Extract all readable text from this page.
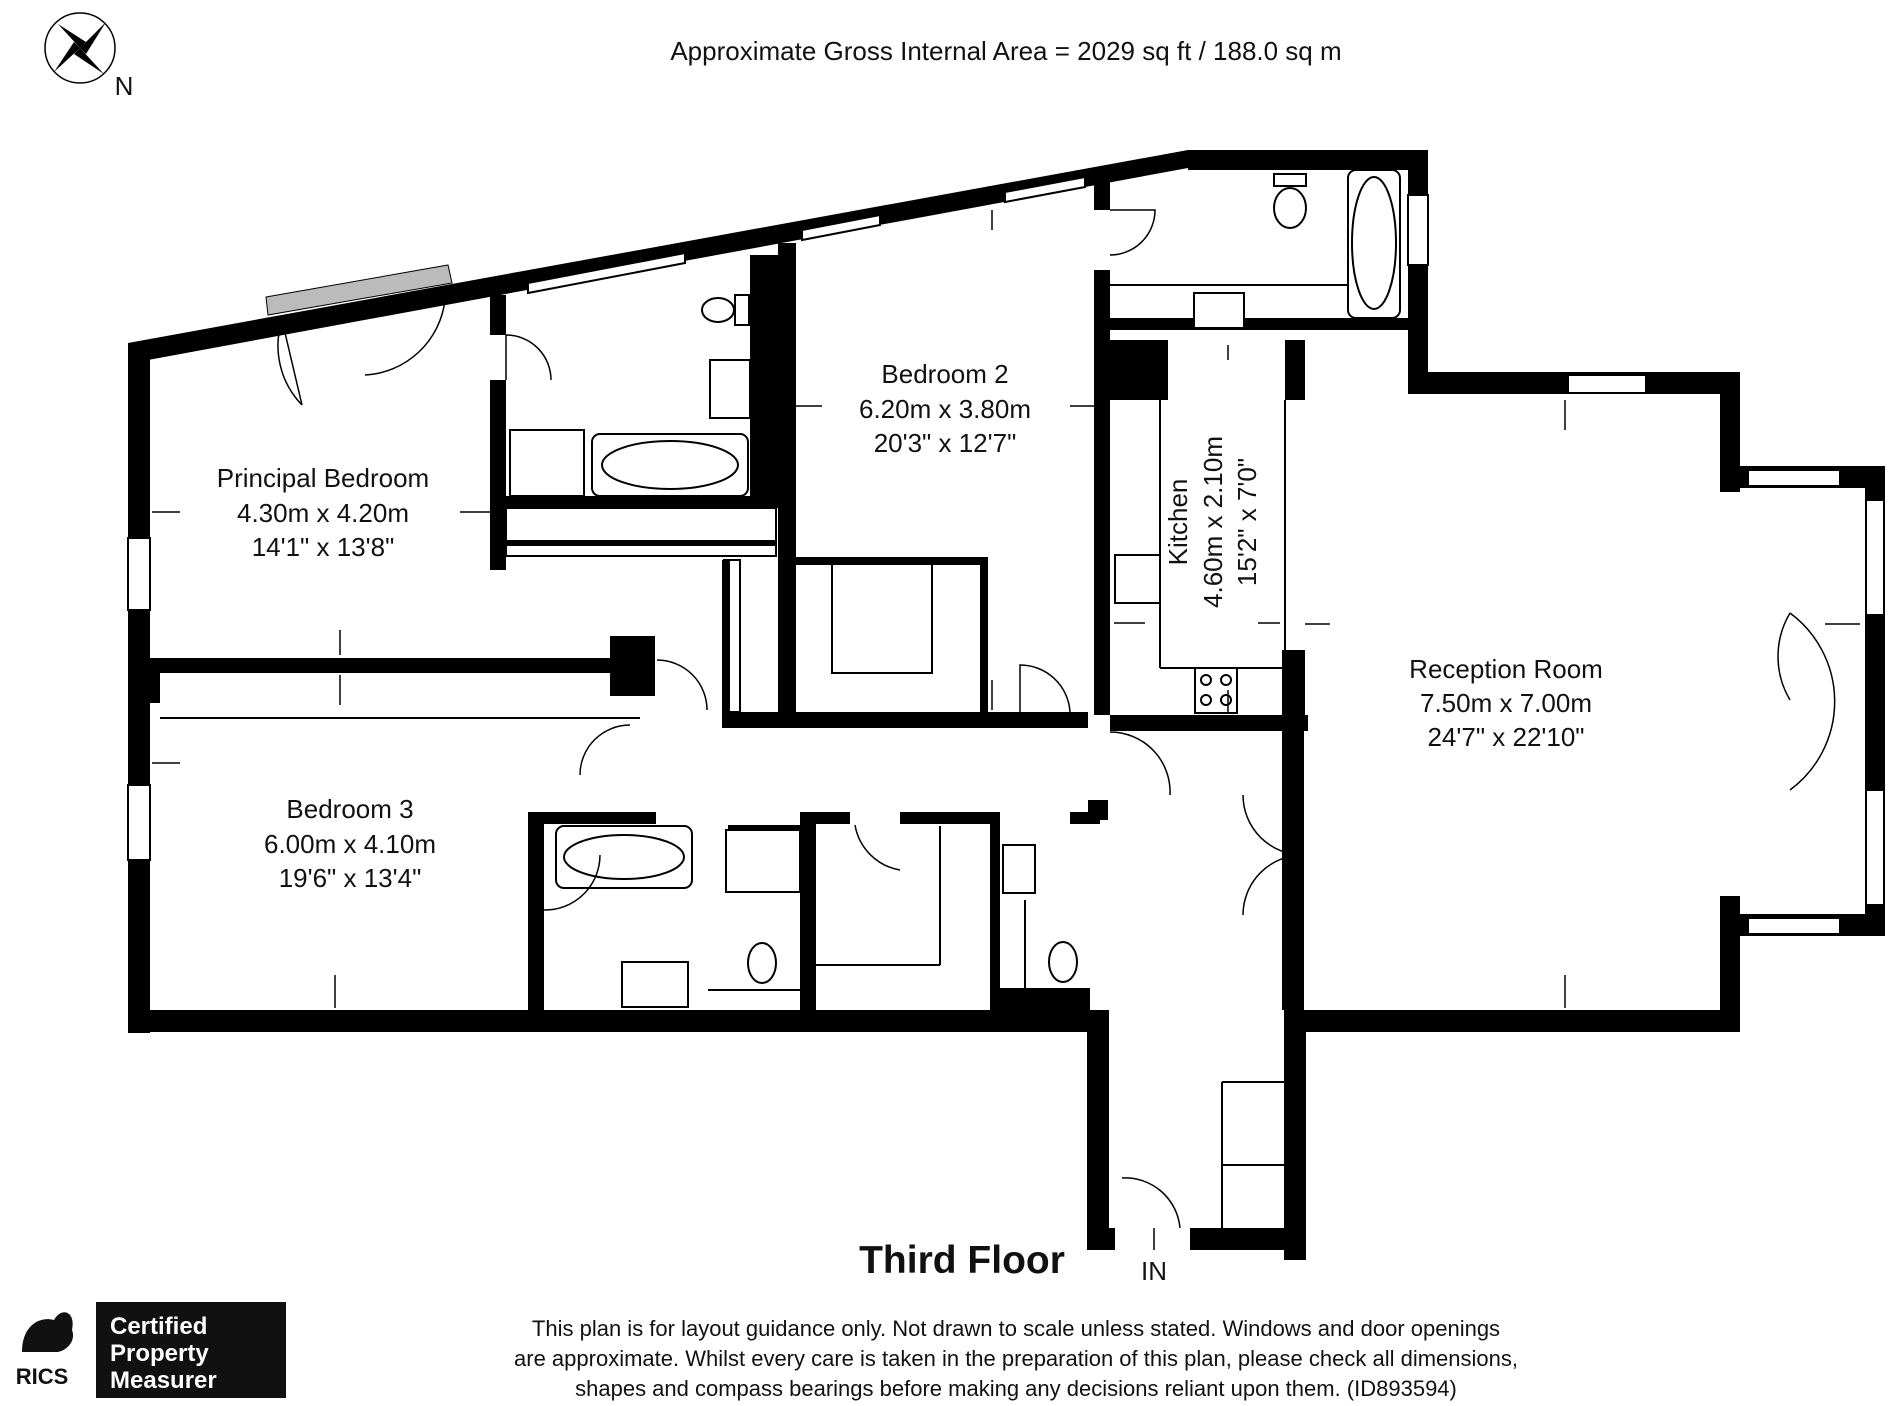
Approximate Gross Internal Area = 2029 sq ft / 188.0 sq m
N
Principal Bedroom
4.30m x 4.20m
14'1" x 13'8"
Bedroom 2
6.20m x 3.80m
20'3" x 12'7"
Kitchen 4.60m x 2.10m 15'2" x 7'0"
Reception Room
7.50m x 7.00m
24'7" x 22'10"
Bedroom 3
6.00m x 4.10m
19'6" x 13'4"
IN
Third Floor
RICS
Certified
Property
Measurer
This plan is for layout guidance only. Not drawn to scale unless stated. Windows and door openings
are approximate. Whilst every care is taken in the preparation of this plan, please check all dimensions,
shapes and compass bearings before making any decisions reliant upon them. (ID893594)
